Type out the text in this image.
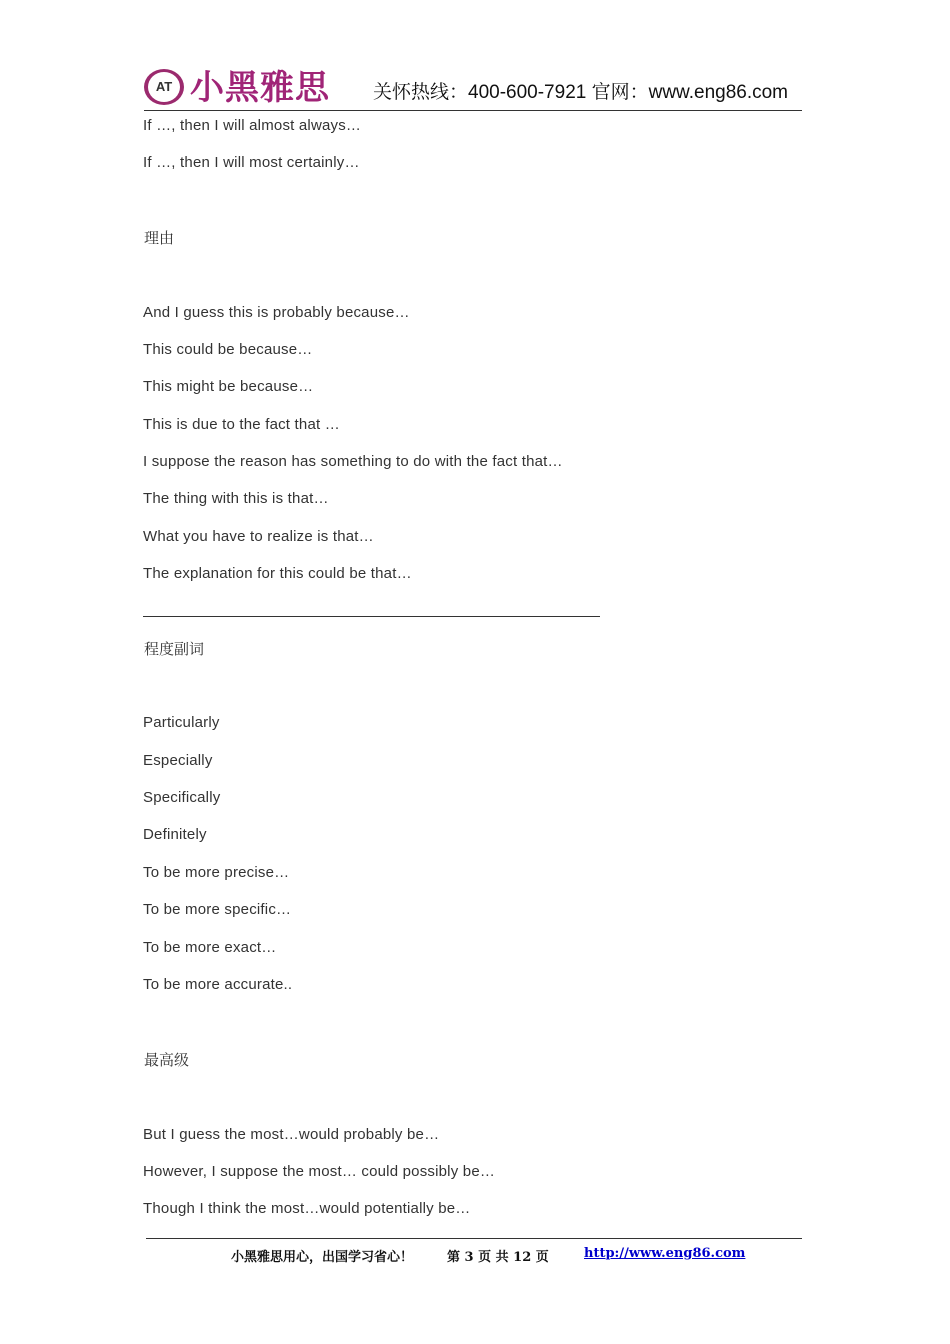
AT 小黑雅思 关怀热线：400-600-7921 官网：www.eng86.com
If …, then I will almost always…
If …, then I will most certainly…
理由
And I guess this is probably because…
This could be because…
This might be because…
This is due to the fact that …
I suppose the reason has something to do with the fact that…
The thing with this is that…
What you have to realize is that…
The explanation for this could be that…
程度副词
Particularly
Especially
Specifically
Definitely
To be more precise…
To be more specific…
To be more exact…
To be more accurate..
最高级
But I guess the most…would probably be…
However, I suppose the most… could possibly be…
Though I think the most…would potentially be…
小黑雅思用心，出国学习省心！	第 3 页 共 12 页	http://www.eng86.com
